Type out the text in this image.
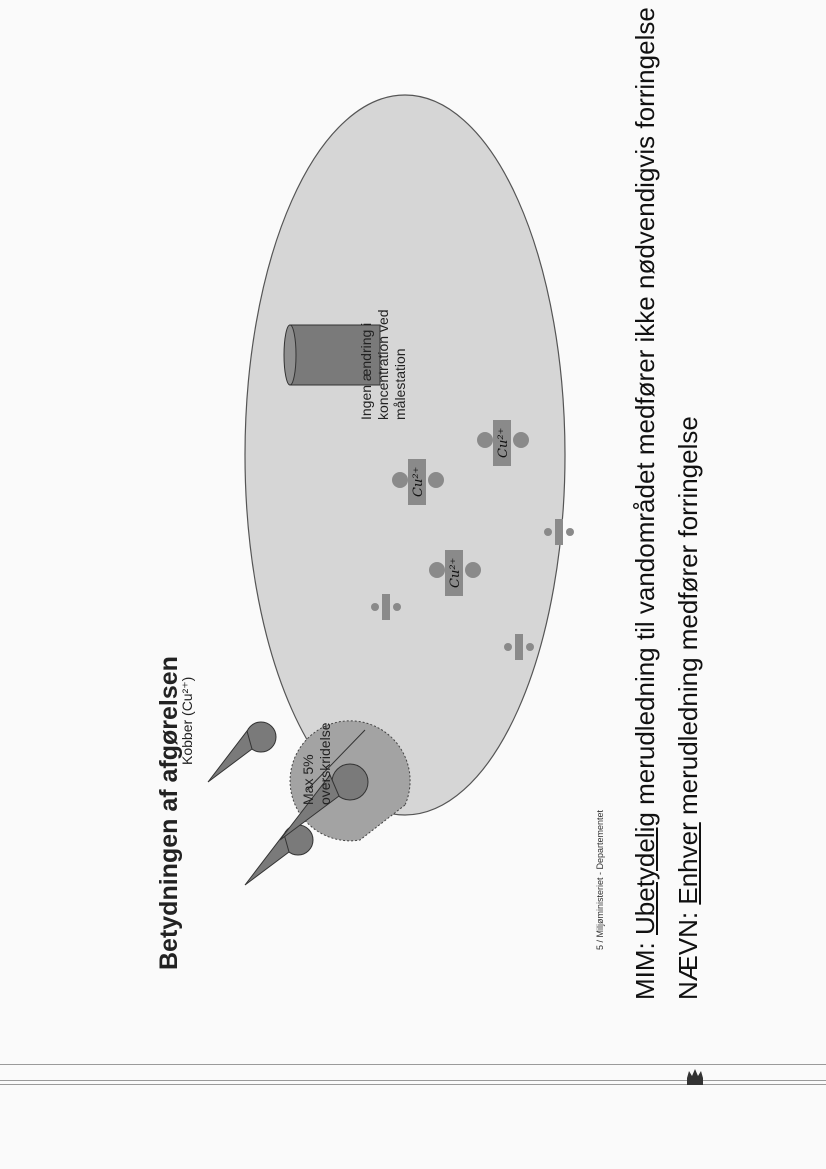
Betydningen af afgørelsen
Cu²⁺
Cu²⁺
Cu²⁺
Kobber (Cu²⁺)
Max 5% overskridelse
Ingen ændring i koncentration ved målestation
MIM: Ubetydelig merudledning til vandområdet medfører ikke nødvendigvis forringelse
NÆVN: Enhver merudledning medfører forringelse
5 / Miljøministeriet - Departementet
